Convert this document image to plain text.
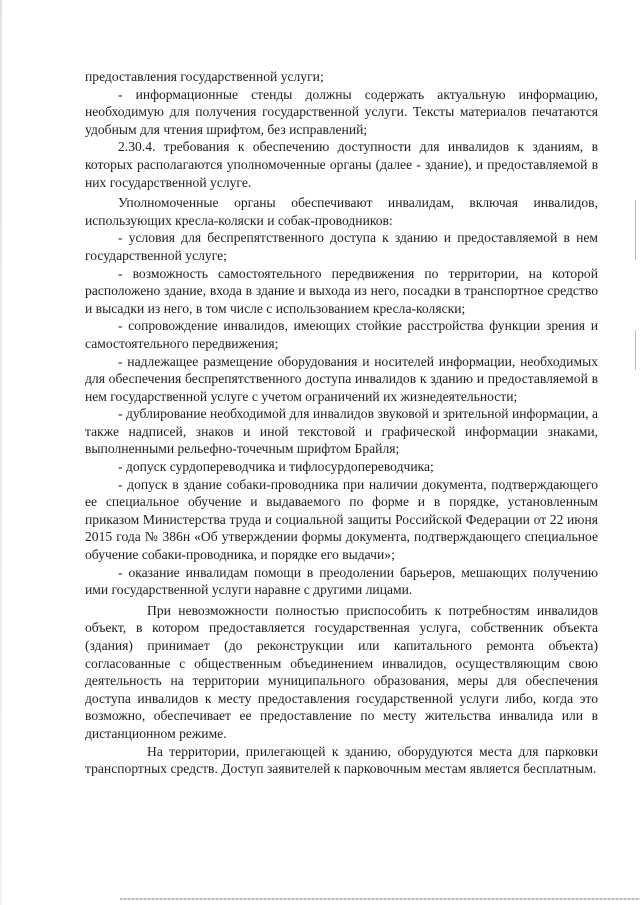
предоставления государственной услуги;

- информационные стенды должны содержать актуальную информацию, необходимую для получения государственной услуги. Тексты материалов печатаются удобным для чтения шрифтом, без исправлений;

2.30.4. требования к обеспечению доступности для инвалидов к зданиям, в которых располагаются уполномоченные органы (далее - здание), и предоставляемой в них государственной услуге.

Уполномоченные органы обеспечивают инвалидам, включая инвалидов, использующих кресла-коляски и собак-проводников:

- условия для беспрепятственного доступа к зданию и предоставляемой в нем государственной услуге;

- возможность самостоятельного передвижения по территории, на которой расположено здание, входа в здание и выхода из него, посадки в транспортное средство и высадки из него, в том числе с использованием кресла-коляски;

- сопровождение инвалидов, имеющих стойкие расстройства функции зрения и самостоятельного передвижения;

- надлежащее размещение оборудования и носителей информации, необходимых для обеспечения беспрепятственного доступа инвалидов к зданию и предоставляемой в нем государственной услуге с учетом ограничений их жизнедеятельности;

- дублирование необходимой для инвалидов звуковой и зрительной информации, а также надписей, знаков и иной текстовой и графической информации знаками, выполненными рельефно-точечным шрифтом Брайля;

- допуск сурдопереводчика и тифлосурдопереводчика;

- допуск в здание собаки-проводника при наличии документа, подтверждающего ее специальное обучение и выдаваемого по форме и в порядке, установленным приказом Министерства труда и социальной защиты Российской Федерации от 22 июня 2015 года № 386н «Об утверждении формы документа, подтверждающего специальное обучение собаки-проводника, и порядке его выдачи»;

- оказание инвалидам помощи в преодолении барьеров, мешающих получению ими государственной услуги наравне с другими лицами.

При невозможности полностью приспособить к потребностям инвалидов объект, в котором предоставляется государственная услуга, собственник объекта (здания) принимает (до реконструкции или капитального ремонта объекта) согласованные с общественным объединением инвалидов, осуществляющим свою деятельность на территории муниципального образования, меры для обеспечения доступа инвалидов к месту предоставления государственной услуги либо, когда это возможно, обеспечивает ее предоставление по месту жительства инвалида или в дистанционном режиме.

На территории, прилегающей к зданию, оборудуются места для парковки транспортных средств. Доступ заявителей к парковочным местам является бесплатным.
